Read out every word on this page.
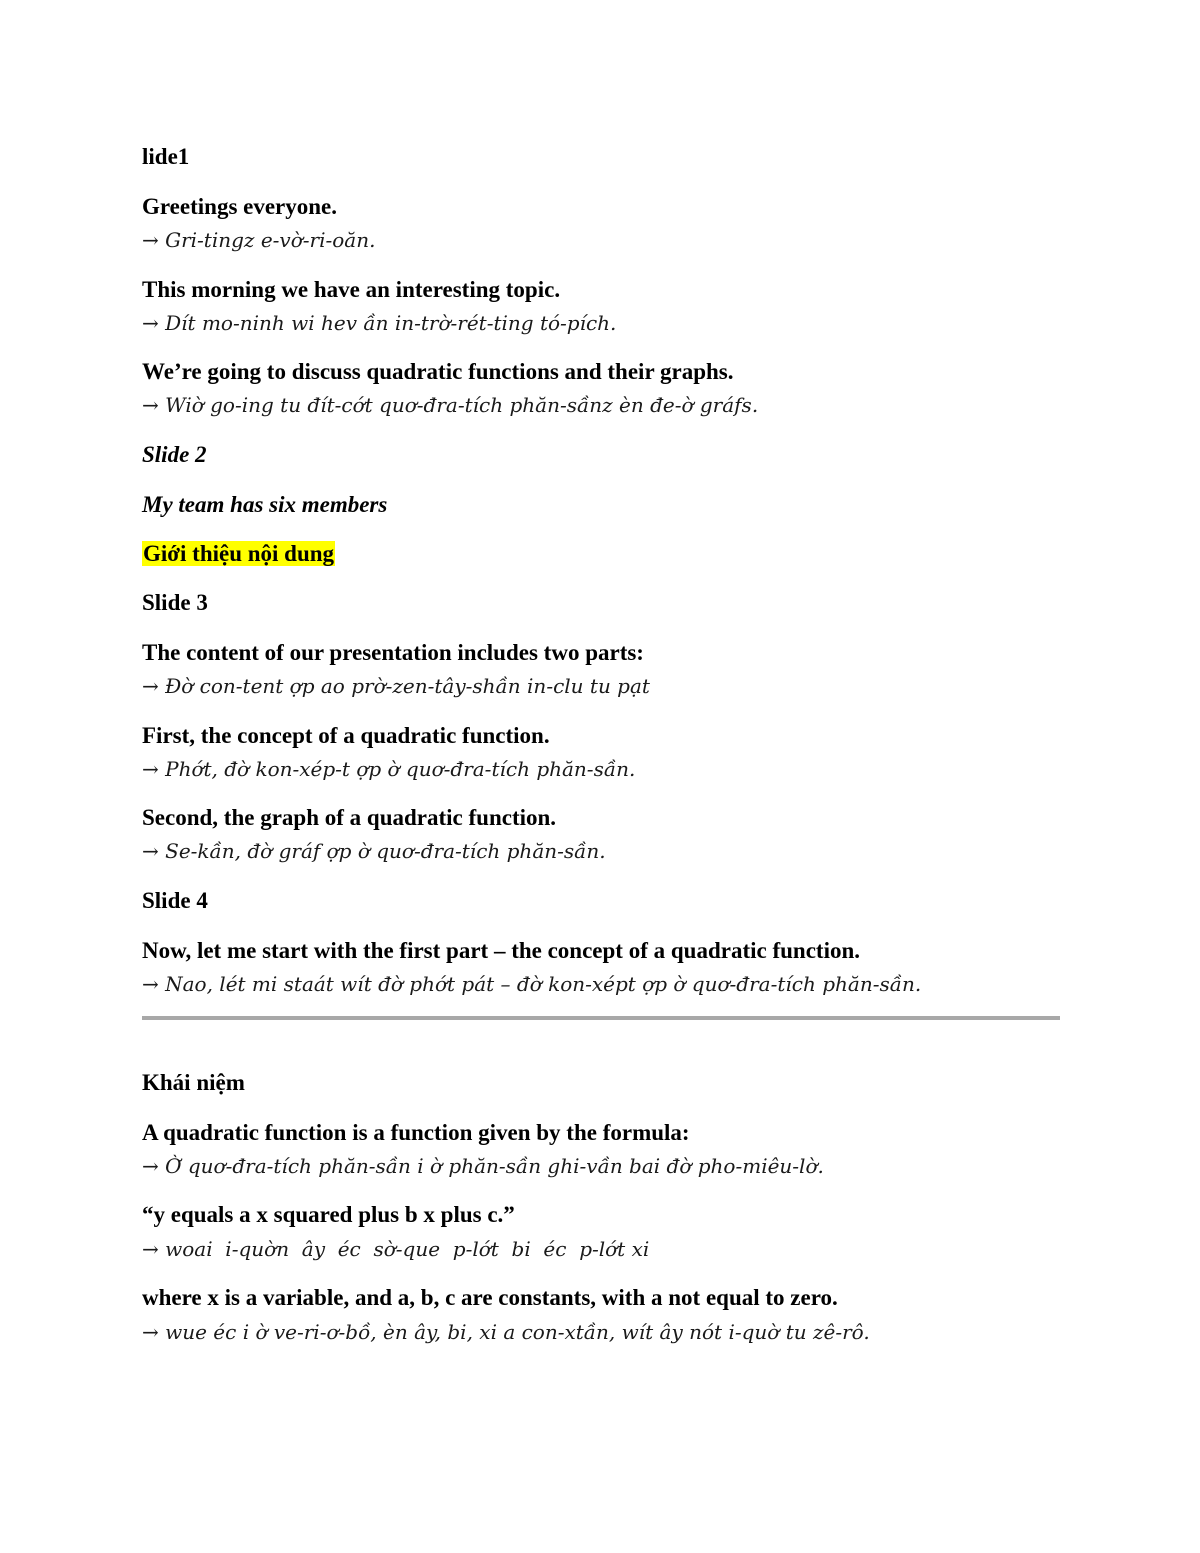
lide1
Greetings everyone.
→ Gri-tingz e-vờ-ri-oăn.
This morning we have an interesting topic.
→ Dít mo-ninh wi hev ần in-trờ-rét-ting tó-pích.
We’re going to discuss quadratic functions and their graphs.
→ Wiờ go-ing tu đít-cớt quơ-đra-tích phăn-sầnz èn đe-ờ gráfs.
Slide 2
My team has six members
Giới thiệu nội dung
Slide 3
The content of our presentation includes two parts:
→ Đờ con-tent ợp ao prờ-zen-tây-shần in-clu tu pạt
First, the concept of a quadratic function.
→ Phớt, đờ kon-xép-t ợp ờ quơ-đra-tích phăn-sần.
Second, the graph of a quadratic function.
→ Se-kần, đờ gráf ợp ờ quơ-đra-tích phăn-sần.
Slide 4
Now, let me start with the first part – the concept of a quadratic function.
→ Nao, lét mi staát wít đờ phớt pát – đờ kon-xépt ợp ờ quơ-đra-tích phăn-sần.
Khái niệm
A quadratic function is a function given by the formula:
→ Ờ quơ-đra-tích phăn-sần i ờ phăn-sần ghi-vần bai đờ pho-miêu-lờ.
“y equals a x squared plus b x plus c.”
→ woai  i-quờn  ây  éc  sờ-que  p-lớt  bi  éc  p-lớt xi
where x is a variable, and a, b, c are constants, with a not equal to zero.
→ wue éc i ờ ve-ri-ơ-bồ, èn ây, bi, xi a con-xtần, wít ây nót i-quờ tu zê-rô.
